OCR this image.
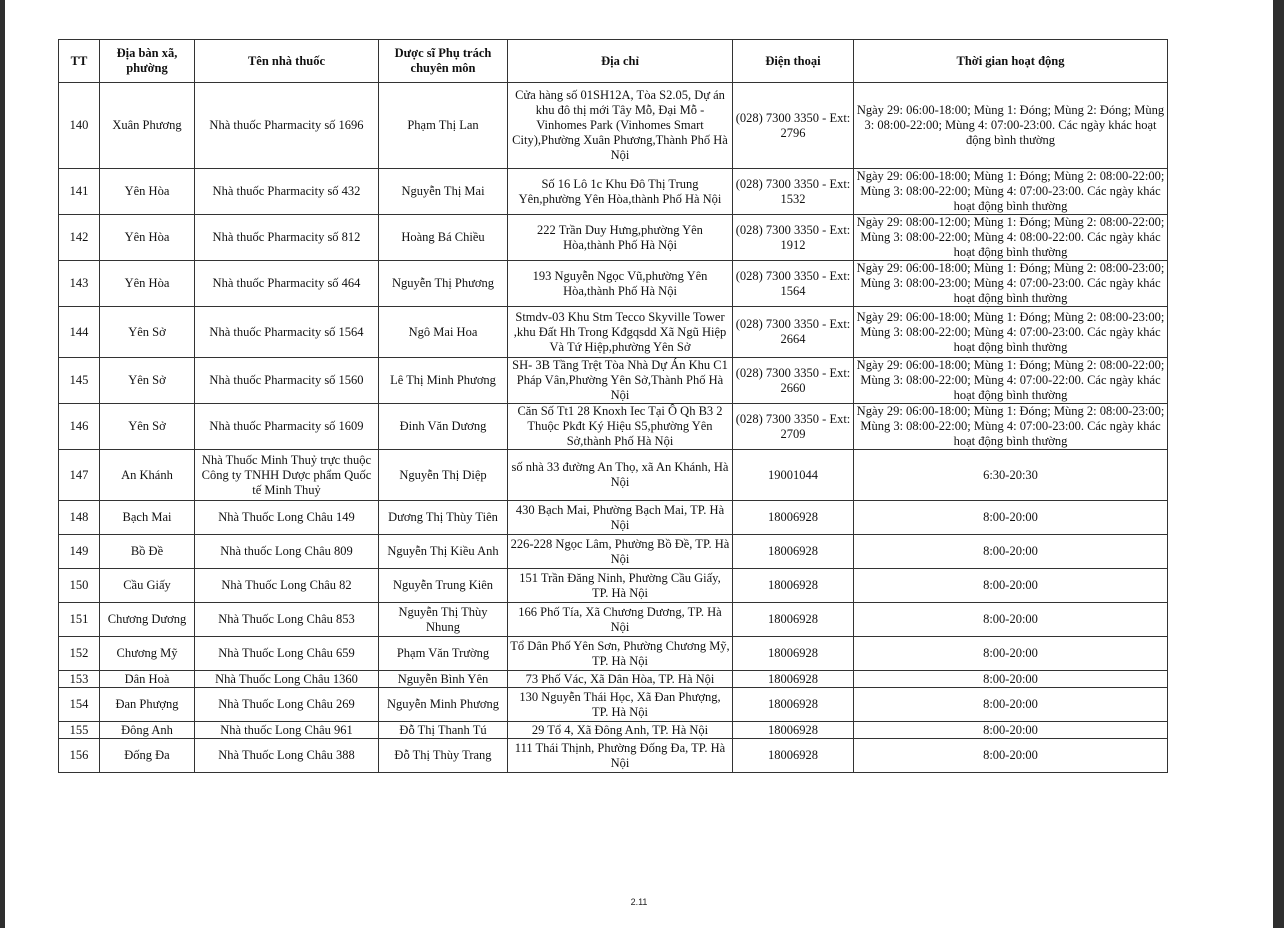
TT	Địa bàn xã, phường	Tên nhà thuốc	Dược sĩ Phụ trách chuyên môn	Địa chỉ	Điện thoại	Thời gian hoạt động
140	Xuân Phương	Nhà thuốc Pharmacity số 1696	Phạm Thị Lan	Cửa hàng số 01SH12A, Tòa S2.05, Dự án khu đô thị mới Tây Mỗ, Đại Mỗ - Vinhomes Park (Vinhomes Smart City),Phường Xuân Phương,Thành Phố Hà Nội	(028) 7300 3350 - Ext: 2796	Ngày 29: 06:00-18:00; Mùng 1: Đóng; Mùng 2: Đóng; Mùng 3: 08:00-22:00; Mùng 4: 07:00-23:00. Các ngày khác hoạt động bình thường
141	Yên Hòa	Nhà thuốc Pharmacity số 432	Nguyễn Thị Mai	Số 16 Lô 1c Khu Đô Thị Trung Yên,phường Yên Hòa,thành Phố Hà Nội	(028) 7300 3350 - Ext: 1532	Ngày 29: 06:00-18:00; Mùng 1: Đóng; Mùng 2: 08:00-22:00; Mùng 3: 08:00-22:00; Mùng 4: 07:00-23:00. Các ngày khác hoạt động bình thường
142	Yên Hòa	Nhà thuốc Pharmacity số 812	Hoàng Bá Chiều	222 Trần Duy Hưng,phường Yên Hòa,thành Phố Hà Nội	(028) 7300 3350 - Ext: 1912	Ngày 29: 08:00-12:00; Mùng 1: Đóng; Mùng 2: 08:00-22:00; Mùng 3: 08:00-22:00; Mùng 4: 08:00-22:00. Các ngày khác hoạt động bình thường
143	Yên Hòa	Nhà thuốc Pharmacity số 464	Nguyễn Thị Phương	193 Nguyễn Ngọc Vũ,phường Yên Hòa,thành Phố Hà Nội	(028) 7300 3350 - Ext: 1564	Ngày 29: 06:00-18:00; Mùng 1: Đóng; Mùng 2: 08:00-23:00; Mùng 3: 08:00-23:00; Mùng 4: 07:00-23:00. Các ngày khác hoạt động bình thường
144	Yên Sở	Nhà thuốc Pharmacity số 1564	Ngô Mai Hoa	Stmdv-03 Khu Stm Tecco Skyville Tower ,khu Đất Hh Trong Kđgqsdd Xã Ngũ Hiệp Và Tứ Hiệp,phường Yên Sở	(028) 7300 3350 - Ext: 2664	Ngày 29: 06:00-18:00; Mùng 1: Đóng; Mùng 2: 08:00-23:00; Mùng 3: 08:00-22:00; Mùng 4: 07:00-23:00. Các ngày khác hoạt động bình thường
145	Yên Sở	Nhà thuốc Pharmacity số 1560	Lê Thị Minh Phương	SH- 3B Tầng Trệt Tòa Nhà Dự Án Khu C1 Pháp Vân,Phường Yên Sở,Thành Phố Hà Nội	(028) 7300 3350 - Ext: 2660	Ngày 29: 06:00-18:00; Mùng 1: Đóng; Mùng 2: 08:00-22:00; Mùng 3: 08:00-22:00; Mùng 4: 07:00-22:00. Các ngày khác hoạt động bình thường
146	Yên Sở	Nhà thuốc Pharmacity số 1609	Đinh Văn Dương	Căn Số Tt1 28 Knoxh Iec Tại Ô Qh B3 2 Thuộc Pkđt Ký Hiệu S5,phường Yên Sở,thành Phố Hà Nội	(028) 7300 3350 - Ext: 2709	Ngày 29: 06:00-18:00; Mùng 1: Đóng; Mùng 2: 08:00-23:00; Mùng 3: 08:00-22:00; Mùng 4: 07:00-23:00. Các ngày khác hoạt động bình thường
147	An Khánh	Nhà Thuốc Minh Thuỷ trực thuộc Công ty TNHH Dược phẩm Quốc tế Minh Thuỷ	Nguyễn Thị Diệp	số nhà 33 đường An Thọ, xã An Khánh, Hà Nội	19001044	6:30-20:30
148	Bạch Mai	Nhà Thuốc Long Châu 149	Dương Thị Thùy Tiên	430 Bạch Mai, Phường Bạch Mai, TP. Hà Nội	18006928	8:00-20:00
149	Bồ Đề	Nhà thuốc Long Châu 809	Nguyễn Thị Kiều Anh	226-228 Ngọc Lâm, Phường Bồ Đề, TP. Hà Nội	18006928	8:00-20:00
150	Cầu Giấy	Nhà Thuốc Long Châu 82	Nguyễn Trung Kiên	151 Trần Đăng Ninh, Phường Cầu Giấy, TP. Hà Nội	18006928	8:00-20:00
151	Chương Dương	Nhà Thuốc Long Châu 853	Nguyễn Thị Thùy Nhung	166 Phố Tía, Xã Chương Dương, TP. Hà Nội	18006928	8:00-20:00
152	Chương Mỹ	Nhà Thuốc Long Châu 659	Phạm Văn Trường	Tổ Dân Phố Yên Sơn, Phường Chương Mỹ, TP. Hà Nội	18006928	8:00-20:00
153	Dân Hoà	Nhà Thuốc Long Châu 1360	Nguyễn Bình Yên	73 Phố Vác, Xã Dân Hòa, TP. Hà Nội	18006928	8:00-20:00
154	Đan Phượng	Nhà Thuốc Long Châu 269	Nguyễn Minh Phương	130 Nguyễn Thái Học, Xã Đan Phượng, TP. Hà Nội	18006928	8:00-20:00
155	Đông Anh	Nhà thuốc Long Châu 961	Đỗ Thị Thanh Tú	29 Tổ 4, Xã Đông Anh, TP. Hà Nội	18006928	8:00-20:00
156	Đống Đa	Nhà Thuốc Long Châu 388	Đỗ Thị Thùy Trang	111 Thái Thịnh, Phường Đống Đa, TP. Hà Nội	18006928	8:00-20:00
2.11
